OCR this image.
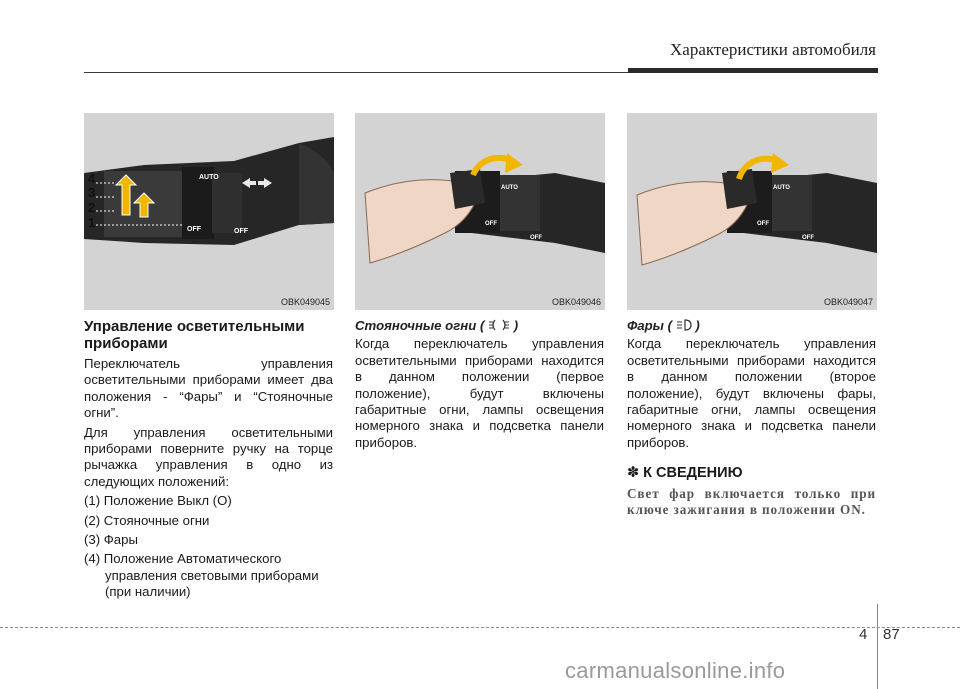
Характеристики автомобиля
AUTO
OFF	OFF
4
3
2
1
OBK049045
AUTO
OFF
OFF
OBK049046
AUTO
OFF
OFF
OBK049047
Управление осветительными приборами

Переключатель управления осветительными приборами имеет два положения - “Фары” и “Стояночные огни”.

Для управления осветительными приборами поверните ручку на торце рычажка управления в одно из следующих положений:

(1) Положение Выкл (O)
(2) Стояночные огни
(3) Фары
(4) Положение Автоматического
управления световыми приборами
(при наличии)
Стояночные огни ( )

Когда переключатель управления осветительными приборами находится в данном положении (первое положение), будут включены габаритные огни, лампы освещения номерного знака и подсветка панели приборов.

Фары ( )

Когда переключатель управления осветительными приборами находится в данном положении (второе положение), будут включены фары, габаритные огни, лампы освещения номерного знака и подсветка панели приборов.

✽ К СВЕДЕНИЮ

Свет фар включается только при ключе зажигания в положении ON.

4 87
carmanualsonline.info
